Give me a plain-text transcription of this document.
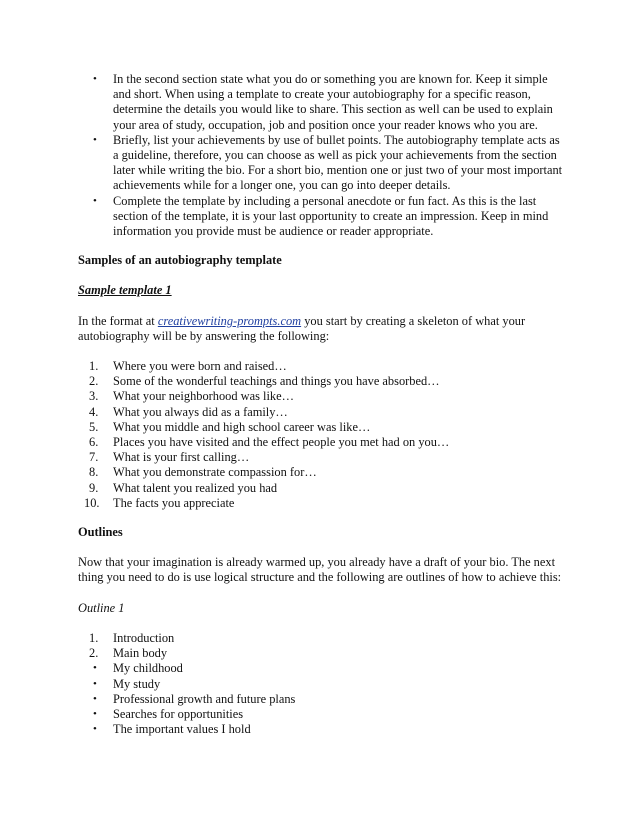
• In the second section state what you do or something you are known for. Keep it simple and short. When using a template to create your autobiography for a specific reason, determine the details you would like to share. This section as well can be used to explain your area of study, occupation, job and position once your reader knows who you are.
• Briefly, list your achievements by use of bullet points. The autobiography template acts as a guideline, therefore, you can choose as well as pick your achievements from the section later while writing the bio. For a short bio, mention one or just two of your most important achievements while for a longer one, you can go into deeper details.
• Complete the template by including a personal anecdote or fun fact. As this is the last section of the template, it is your last opportunity to create an impression. Keep in mind information you provide must be audience or reader appropriate.

Samples of an autobiography template

Sample template 1

In the format at creativewriting-prompts.com you start by creating a skeleton of what your autobiography will be by answering the following:

1.	Where you were born and raised…
2.	Some of the wonderful teachings and things you have absorbed…
3.	What your neighborhood was like…
4.	What you always did as a family…
5.	What you middle and high school career was like…
6.	Places you have visited and the effect people you met had on you…
7.	What is your first calling…
8.	What you demonstrate compassion for…
9.	What talent you realized you had
10.	The facts you appreciate

Outlines

Now that your imagination is already warmed up, you already have a draft of your bio. The next thing you need to do is use logical structure and the following are outlines of how to achieve this:

Outline 1

1.	Introduction
2.	Main body
• My childhood
• My study
• Professional growth and future plans
• Searches for opportunities
• The important values I hold
